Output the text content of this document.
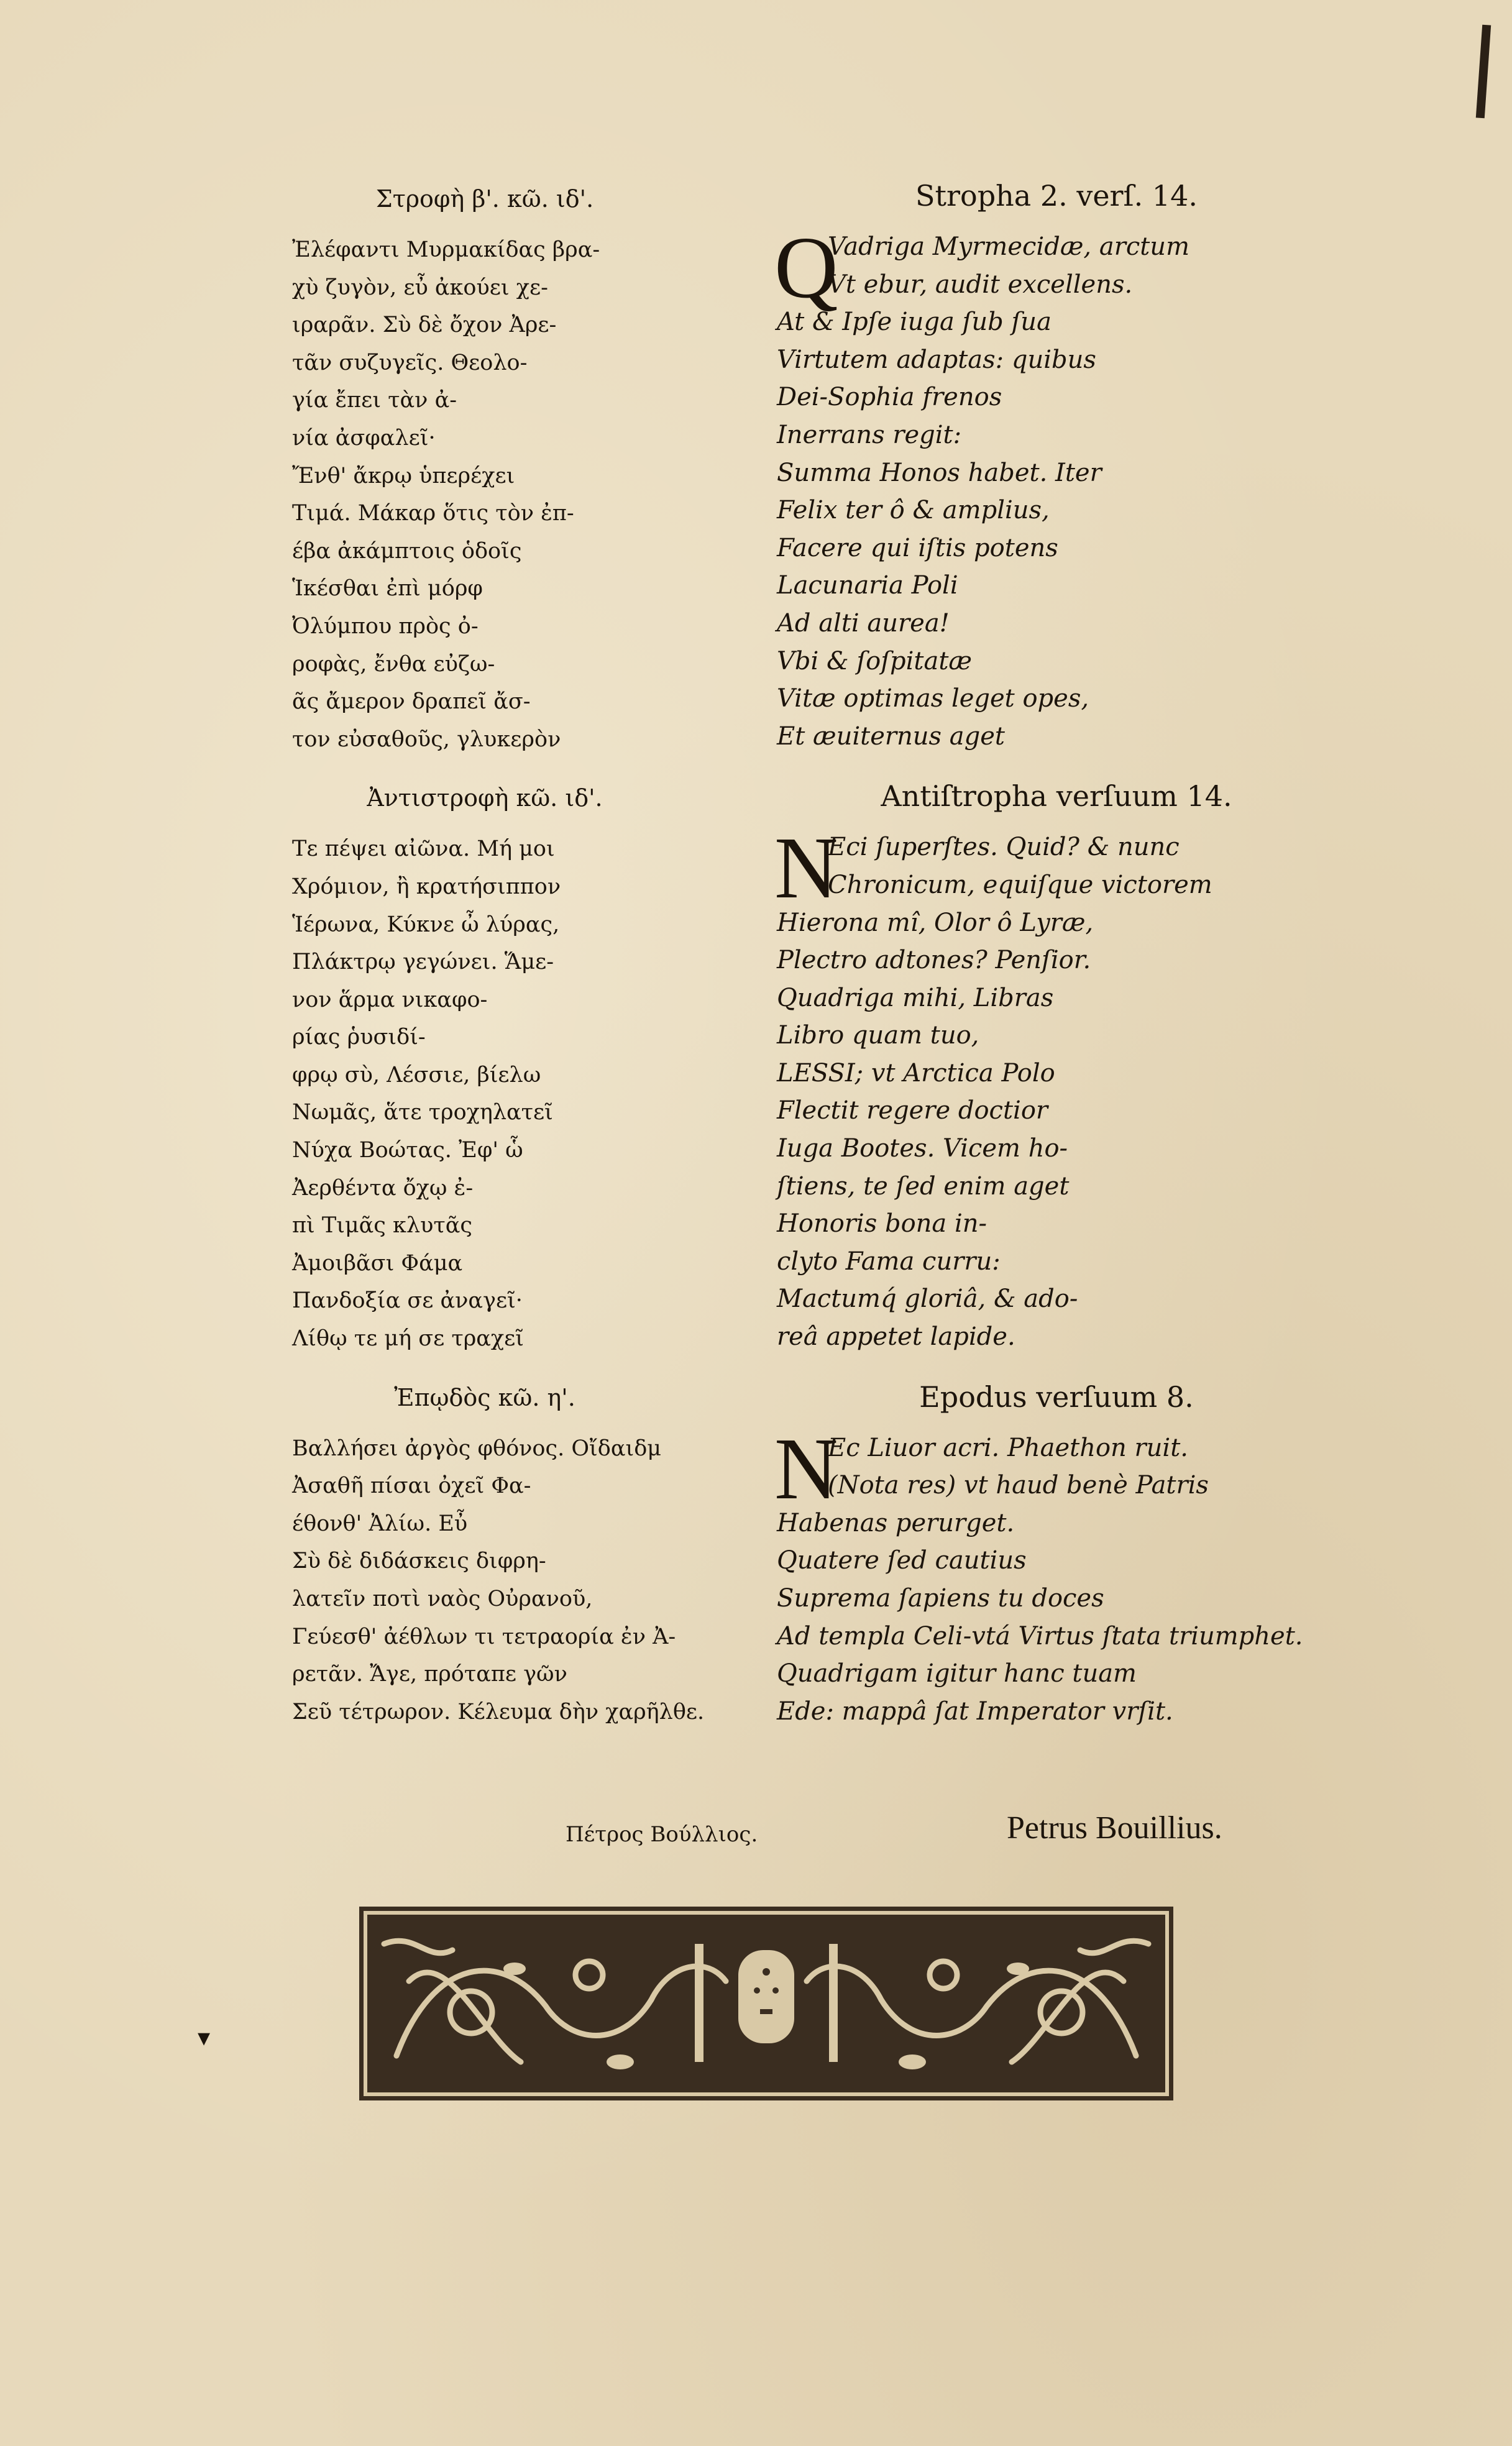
Στροφὴ β'. κῶ. ιδ'.
Ἐλέφαντι Μυρμακίδας βρα-
χὺ ζυγὸν, εὖ ἀκούει χε-
ιραρᾶν. Σὺ δὲ ὄχον Ἀρε-
τᾶν συζυγεῖς. Θεολο-
γία ἔπει τὰν ἀ-
νία ἀσφαλεῖ·
Ἔνθ' ἄκρῳ ὑπερέχει
Τιμά. Μάκαρ ὅτις τὸν ἐπ-
έβα ἀκάμπτοις ὁδοῖς
Ἱκέσθαι ἐπὶ μόρφ
Ὀλύμπου πρὸς ὀ-
ροφὰς, ἔνθα εὐζω-
ᾶς ἄμερον δραπεῖ ἄσ-
τον εὐσαθοῦς, γλυκερὸν
Ἀντιστροφὴ κῶ. ιδ'.
Τε πέψει αἰῶνα. Μή μοι
Χρόμιον, ἢ κρατήσιππον
Ἱέρωνα, Κύκνε ὦ λύρας,
Πλάκτρῳ γεγώνει. Ἅμε-
νον ἅρμα νικαφο-
ρίας ῥυσιδί-
φρῳ σὺ, Λέσσιε, βίελω
Νωμᾶς, ἅτε τροχηλατεῖ
Νύχα Βοώτας. Ἐφ' ὧ
Ἀερθέντα ὄχῳ ἐ-
πὶ Τιμᾶς κλυτᾶς
Ἀμοιβᾶσι Φάμα
Πανδοξία σε ἀναγεῖ·
Λίθῳ τε μή σε τραχεῖ
Ἐπῳδὸς κῶ. η'.
Βαλλήσει ἀργὸς φθόνος. Οἴδαιδμ
Ἀσαθῆ πίσαι ὀχεῖ Φα-
έθονθ' Ἀλίω. Εὖ
Σὺ δὲ διδάσκεις διφρη-
λατεῖν ποτὶ ναὸς Οὐρανοῦ,
Γεύεσθ' ἀέθλων τι τετραορία ἐν Ἀ-
ρετᾶν. Ἄγε, πρόταπε γῶν
Σεῦ τέτρωρον. Κέλευμα δὴν χαρῆλθε.
Stropha 2. verſ. 14.
Q
Vadriga Myrmecidæ, arctum
Vt ebur, audit excellens.
At & Ipſe iuga ſub ſua
Virtutem adaptas: quibus
Dei-Sophia frenos
Inerrans regit:
Summa Honos habet. Iter
Felix ter ô & amplius,
Facere qui iſtis potens
Lacunaria Poli
Ad alti aurea!
Vbi & ſoſpitatæ
Vitæ optimas leget opes,
Et æuiternus aget
Antiſtropha verſuum 14.
N
Eci ſuperſtes. Quid? & nunc
Chronicum, equiſque victorem
Hierona mî, Olor ô Lyræ,
Plectro adtones? Penſior.
Quadriga mihi, Libras
Libro quam tuo,
LESSI; vt Arctica Polo
Flectit regere doctior
Iuga Bootes. Vicem ho-
ſtiens, te ſed enim aget
Honoris bona in-
clyto Fama curru:
Mactumq́ gloriâ, & ado-
reâ appetet lapide.
Epodus verſuum 8.
N
Ec Liuor acri. Phaethon ruit.
(Nota res) vt haud benè Patris
Habenas perurget.
Quatere ſed cautius
Suprema ſapiens tu doces
Ad templa Celi-vtá Virtus ſtata triumphet.
Quadrigam igitur hanc tuam
Ede: mappâ ſat Imperator vrſit.
Πέτρος Βούλλιος.	Petrus Bouillius.
▾
